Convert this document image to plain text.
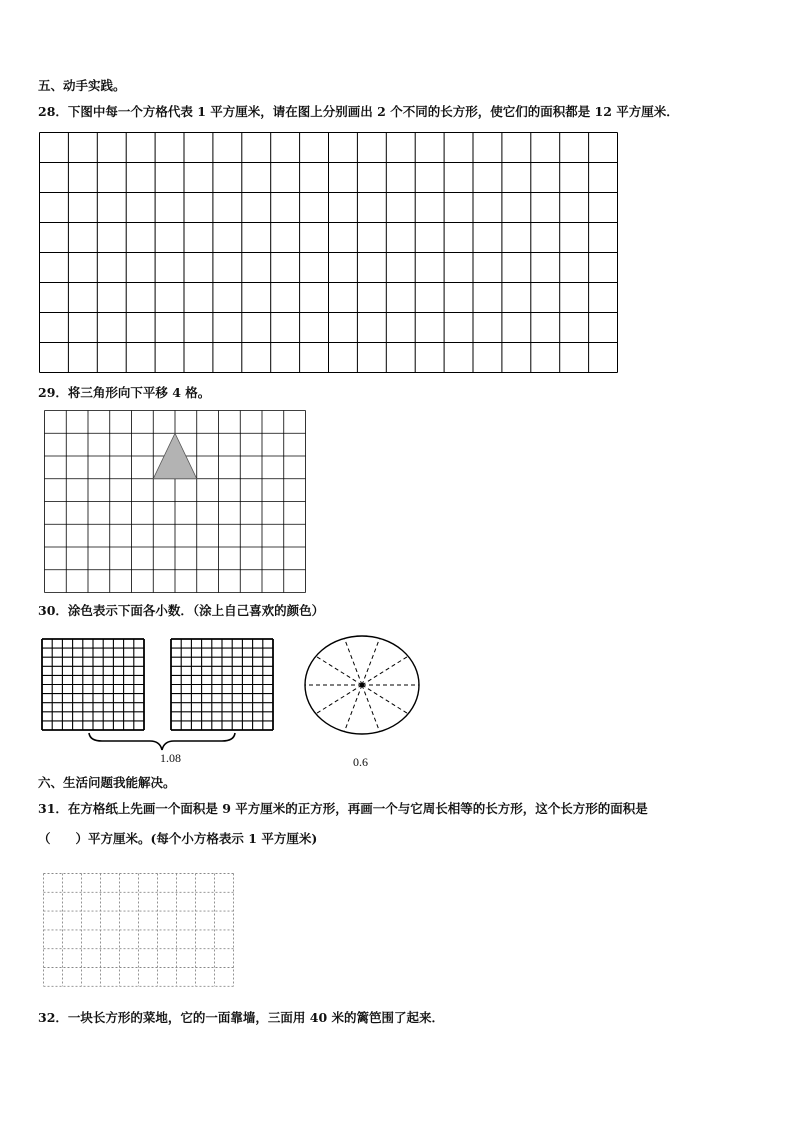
五、动手实践。
28．下图中每一个方格代表 1 平方厘米，请在图上分别画出 2 个不同的长方形，使它们的面积都是 12 平方厘米．
29．将三角形向下平移 4 格。
30．涂色表示下面各小数．（涂上自己喜欢的颜色）
1.08	0.6
六、生活问题我能解决。
31．在方格纸上先画一个面积是 9 平方厘米的正方形，再画一个与它周长相等的长方形，这个长方形的面积是
（　　）平方厘米。(每个小方格表示 1 平方厘米)
32．一块长方形的菜地，它的一面靠墙，三面用 40 米的篱笆围了起来．
